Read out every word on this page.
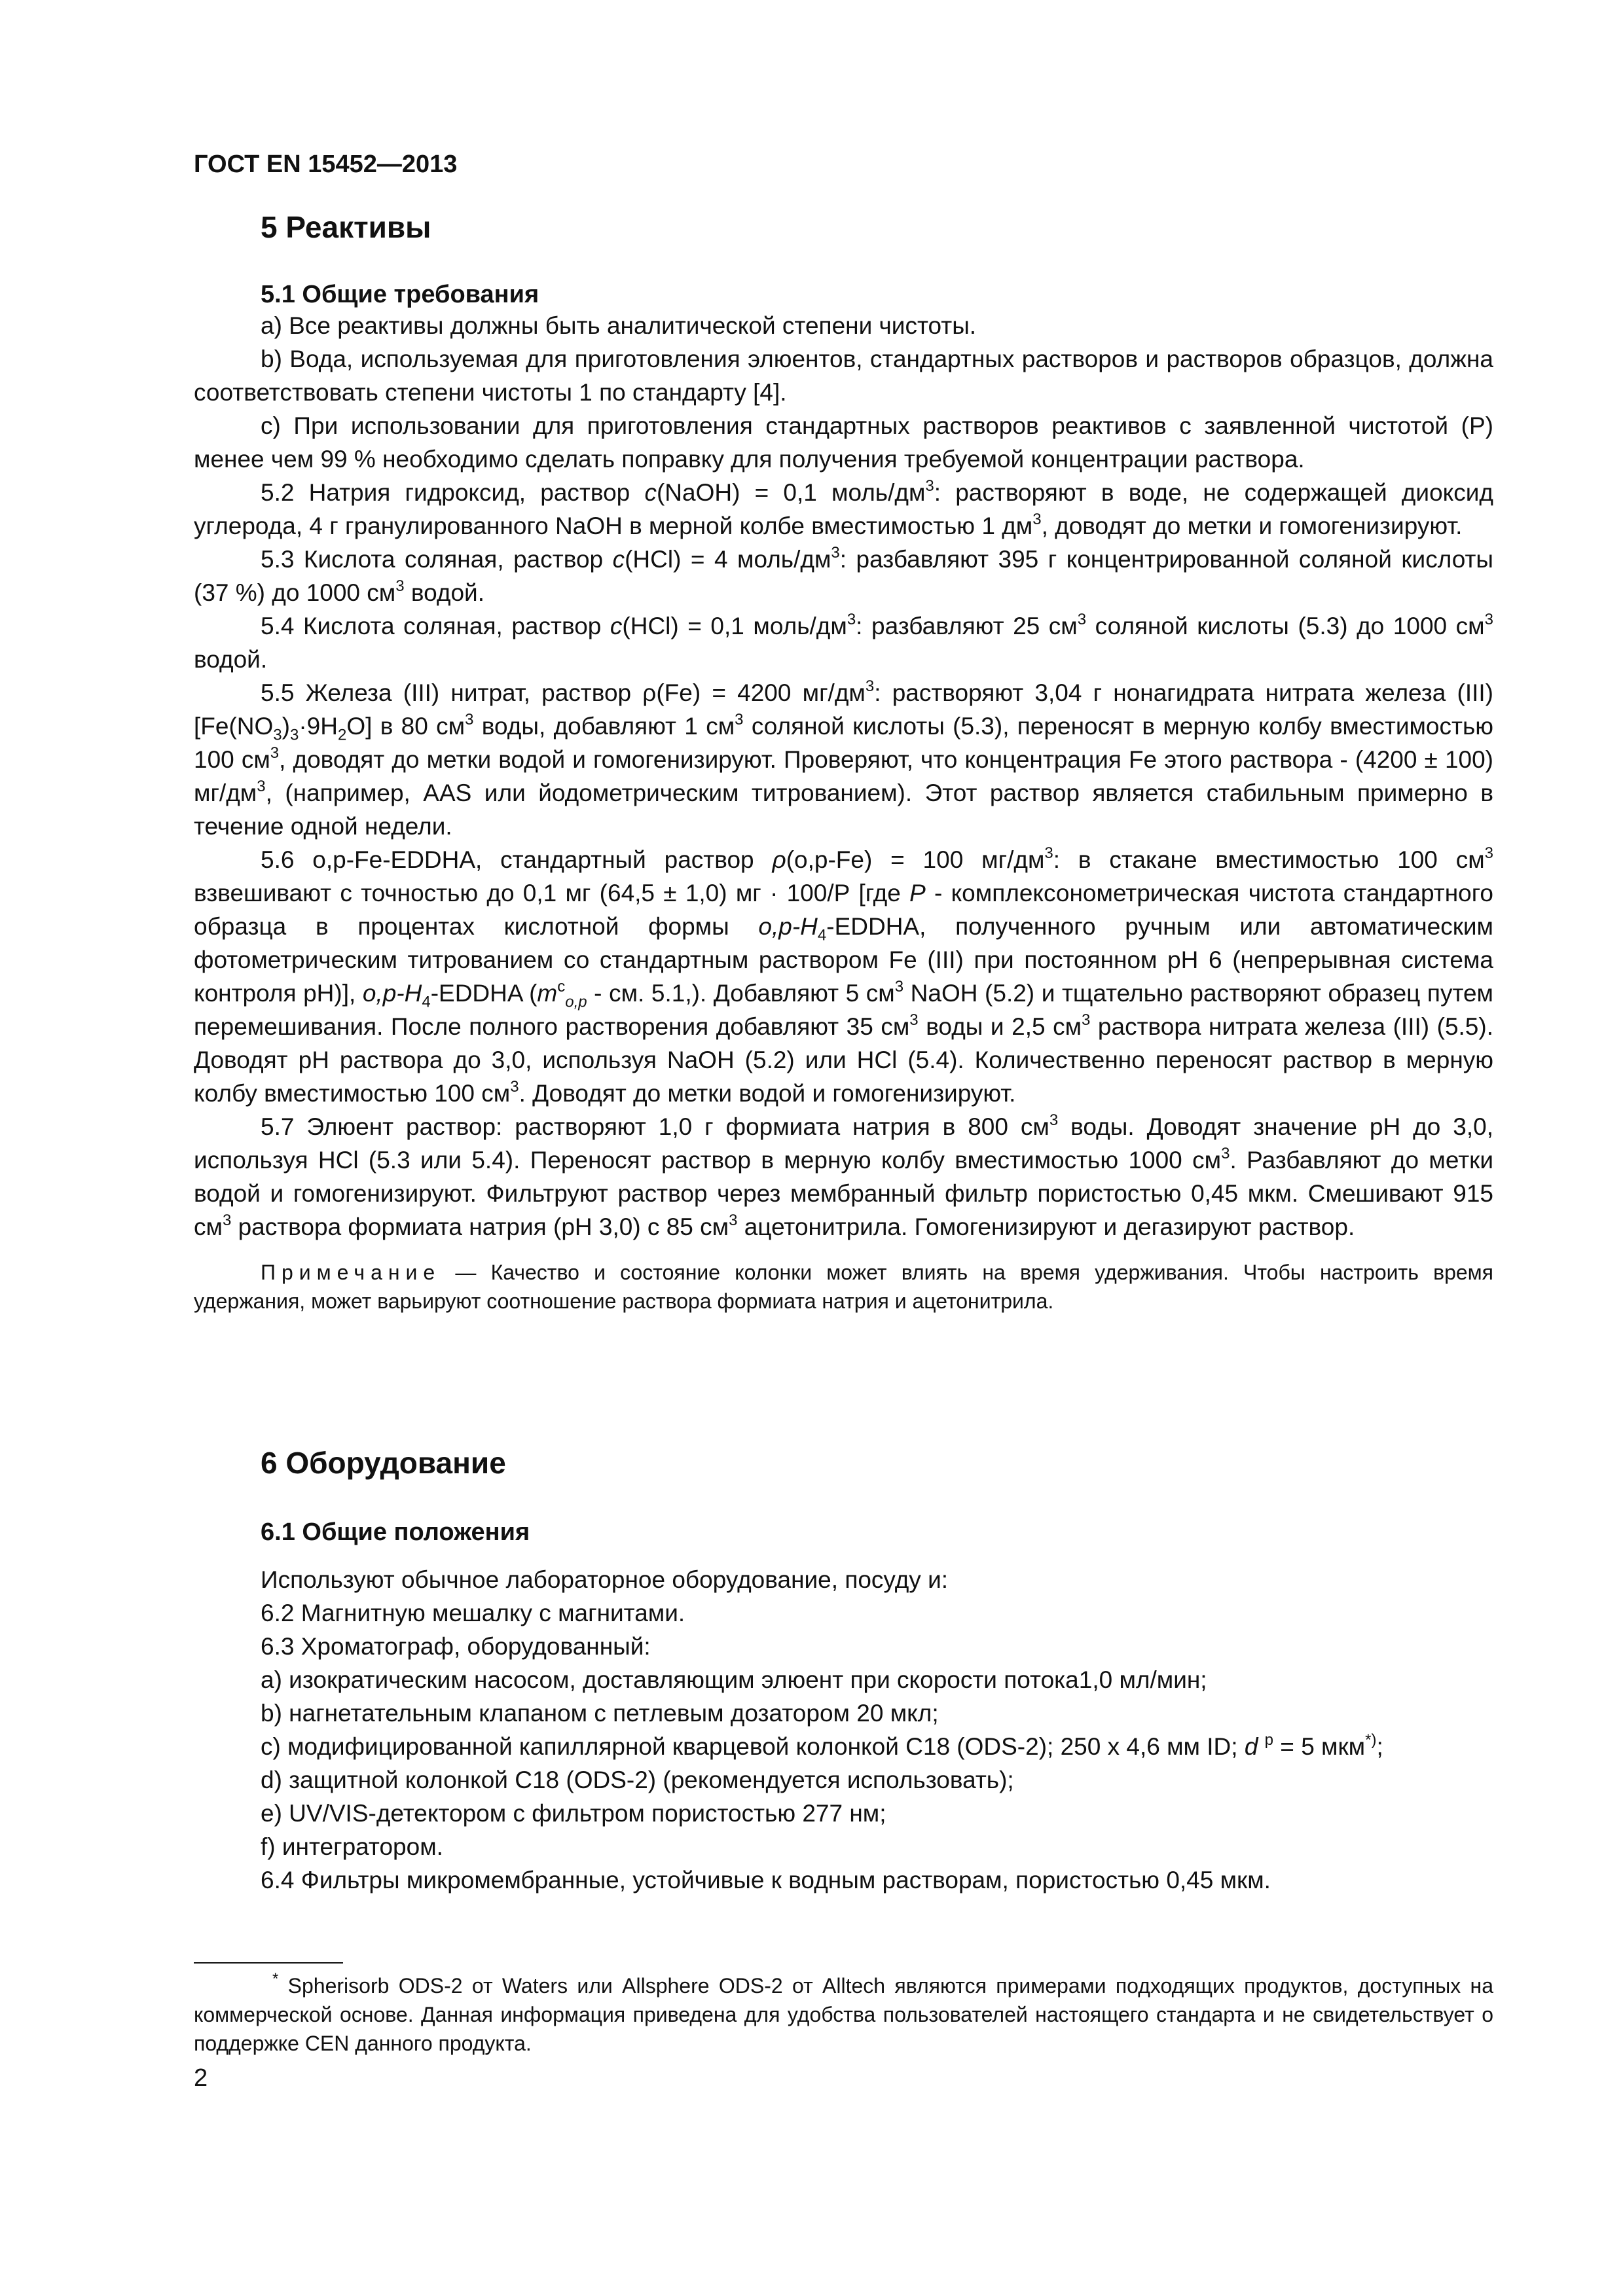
ГОСТ EN 15452—2013
5 Реактивы
5.1 Общие требования

а) Все реактивы должны быть аналитической степени чистоты.

b) Вода, используемая для приготовления элюентов, стандартных растворов и растворов образцов, должна соответствовать степени чистоты 1 по стандарту [4].

с) При использовании для приготовления стандартных растворов реактивов с заявленной чистотой (Р) менее чем 99 % необходимо сделать поправку для получения требуемой концентрации раствора.

5.2 Натрия гидроксид, раствор с(NaOH) = 0,1 моль/$дм^3$: растворяют в воде, не содержащей диоксид углерода, 4 г гранулированного NaOH в мерной колбе вместимостью 1 $дм^3$, доводят до метки и гомогенизируют.

5.3 Кислота соляная, раствор с(HCl) = 4 моль/$дм^3$: разбавляют 395 г концентрированной соляной кислоты (37 %) до 1000 $см^3$ водой.

5.4 Кислота соляная, раствор с(HCl) = 0,1 моль/$дм^3$: разбавляют 25 $см^3$ соляной кислоты (5.3) до 1000 $см^3$ водой.

5.5 Железа (III) нитрат, раствор ρ(Fe) = 4200 $мг/дм^3$: растворяют 3,04 г нонагидрата нитрата железа (III) $[Fe(NO_3)_3\cdot 9H_2O]$ в 80 $см^3$ воды, добавляют 1 $см^3$ соляной кислоты (5.3), переносят в мерную колбу вместимостью 100 $см^3$, доводят до метки водой и гомогенизируют. Проверяют, что концентрация Fe этого раствора - (4200 ± 100) $мг/дм^3$, (например, AAS или йодометрическим титрованием). Этот раствор является стабильным примерно в течение одной недели.

5.6 о,р-Fe-EDDHA, стандартный раствор ρ(о,р-Fe) = 100 $мг/дм^3$: в стакане вместимостью 100 $см^3$ взвешивают с точностью до 0,1 мг (64,5 ± 1,0) мг · 100/Р [где P - комплексонометрическая чистота стандартного образца в процентах кислотной формы $о,р-H_4$-EDDHA, полученного ручным или автоматическим фотометрическим титрованием со стандартным раствором Fe (III) при постоянном pH 6 (непрерывная система контроля pH)], $о,р-H_4$-EDDHA ($m^c_{о,р}$ - см. 5.1,). Добавляют 5 $см^3$ NaOH (5.2) и тщательно растворяют образец путем перемешивания. После полного растворения добавляют 35 $см^3$ воды и 2,5 $см^3$ раствора нитрата железа (III) (5.5). Доводят pH раствора до 3,0, используя NaOH (5.2) или HCl (5.4). Количественно переносят раствор в мерную колбу вместимостью 100 $см^3$. Доводят до метки водой и гомогенизируют.

5.7 Элюент раствор: растворяют 1,0 г формиата натрия в 800 $см^3$ воды. Доводят значение pH до 3,0, используя HCl (5.3 или 5.4). Переносят раствор в мерную колбу вместимостью 1000 $см^3$. Разбавляют до метки водой и гомогенизируют. Фильтруют раствор через мембранный фильтр пористостью 0,45 мкм. Смешивают 915 $см^3$ раствора формиата натрия (pH 3,0) с 85 $см^3$ ацетонитрила. Гомогенизируют и дегазируют раствор.

Примечание — Качество и состояние колонки может влиять на время удерживания. Чтобы настроить время удержания, может варьируют соотношение раствора формиата натрия и ацетонитрила.
6 Оборудование
6.1 Общие положения
Используют обычное лабораторное оборудование, посуду и:
6.2 Магнитную мешалку с магнитами.
6.3 Хроматограф, оборудованный:
а) изократическим насосом, доставляющим элюент при скорости потока1,0 мл/мин;
b) нагнетательным клапаном с петлевым дозатором 20 мкл;
с) модифицированной капиллярной кварцевой колонкой С18 (ODS-2); 250 х 4,6 мм ID; d $^p$ = 5 мкм*);
d) защитной колонкой С18 (ODS-2) (рекомендуется использовать);
е) UV/VIS-детектором с фильтром пористостью 277 нм;
f) интегратором.
6.4 Фильтры микромембранные, устойчивые к водным растворам, пористостью 0,45 мкм.
* Spherisorb ODS-2 от Waters или Allsphere ODS-2 от Alltech являются примерами подходящих продуктов, доступных на коммерческой основе. Данная информация приведена для удобства пользователей настоящего стандарта и не свидетельствует о поддержке CEN данного продукта.
2
